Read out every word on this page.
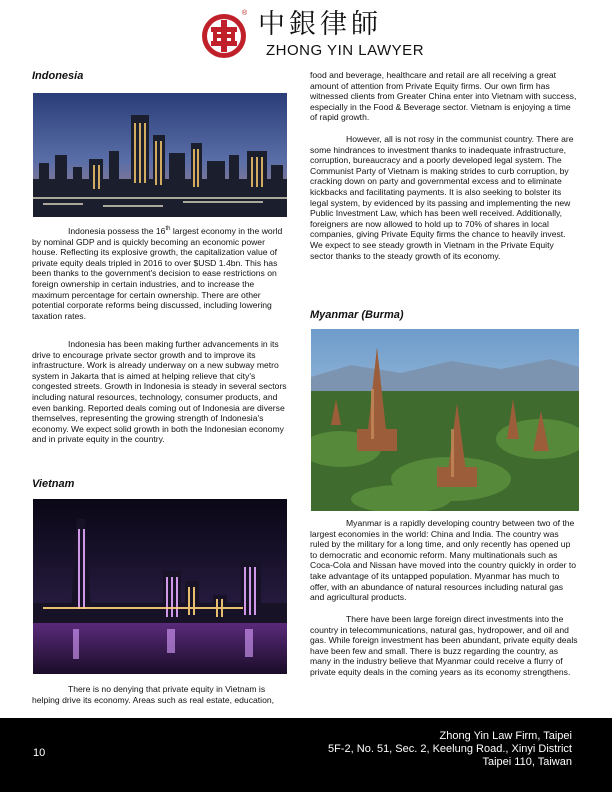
® 中銀律師
ZHONG YIN LAWYER
Indonesia
Indonesia possess the 16th largest economy in the world by nominal GDP and is quickly becoming an economic power house. Reflecting its explosive growth, the capitalization value of private equity deals tripled in 2016 to over $USD 1.4bn. This has been thanks to the government's decision to ease restrictions on foreign ownership in certain industries, and to increase the maximum percentage for certain ownership. There are other potential corporate reforms being discussed, including lowering taxation rates.
Indonesia has been making further advancements in its drive to encourage private sector growth and to improve its infrastructure. Work is already underway on a new subway metro system in Jakarta that is aimed at helping relieve that city's congested streets. Growth in Indonesia is steady in several sectors including natural resources, technology, consumer products, and even banking. Reported deals coming out of Indonesia are diverse themselves, representing the growing strength of Indonesia's economy. We expect solid growth in both the Indonesian economy and in private equity in the country.
Vietnam
There is no denying that private equity in Vietnam is helping drive its economy. Areas such as real estate, education,
food and beverage, healthcare and retail are all receiving a great amount of attention from Private Equity firms. Our own firm has witnessed clients from Greater China enter into Vietnam with success, especially in the Food & Beverage sector. Vietnam is enjoying a time of rapid growth.
However, all is not rosy in the communist country. There are some hindrances to investment thanks to inadequate infrastructure, corruption, bureaucracy and a poorly developed legal system. The Communist Party of Vietnam is making strides to curb corruption, by cracking down on party and governmental excess and to eliminate kickbacks and facilitating payments. It is also seeking to bolster its legal system, by evidenced by its passing and implementing the new Public Investment Law, which has been well received. Additionally, foreigners are now allowed to hold up to 70% of shares in local companies, giving Private Equity firms the chance to heavily invest. We expect to see steady growth in Vietnam in the Private Equity sector thanks to the steady growth of its economy.
Myanmar (Burma)
Myanmar is a rapidly developing country between two of the largest economies in the world: China and India. The country was ruled by the military for a long time, and only recently has opened up to democratic and economic reform. Many multinationals such as Coca-Cola and Nissan have moved into the country quickly in order to take advantage of its untapped population. Myanmar has much to offer, with an abundance of natural resources including natural gas and agricultural products.
There have been large foreign direct investments into the country in telecommunications, natural gas, hydropower, and oil and gas. While foreign investment has been abundant, private equity deals have been few and small. There is buzz regarding the country, as many in the industry believe that Myanmar could receive a flurry of private equity deals in the coming years as its economy strengthens.
10
Zhong Yin Law Firm, Taipei
5F-2, No. 51, Sec. 2, Keelung Road., Xinyi District
Taipei 110, Taiwan
